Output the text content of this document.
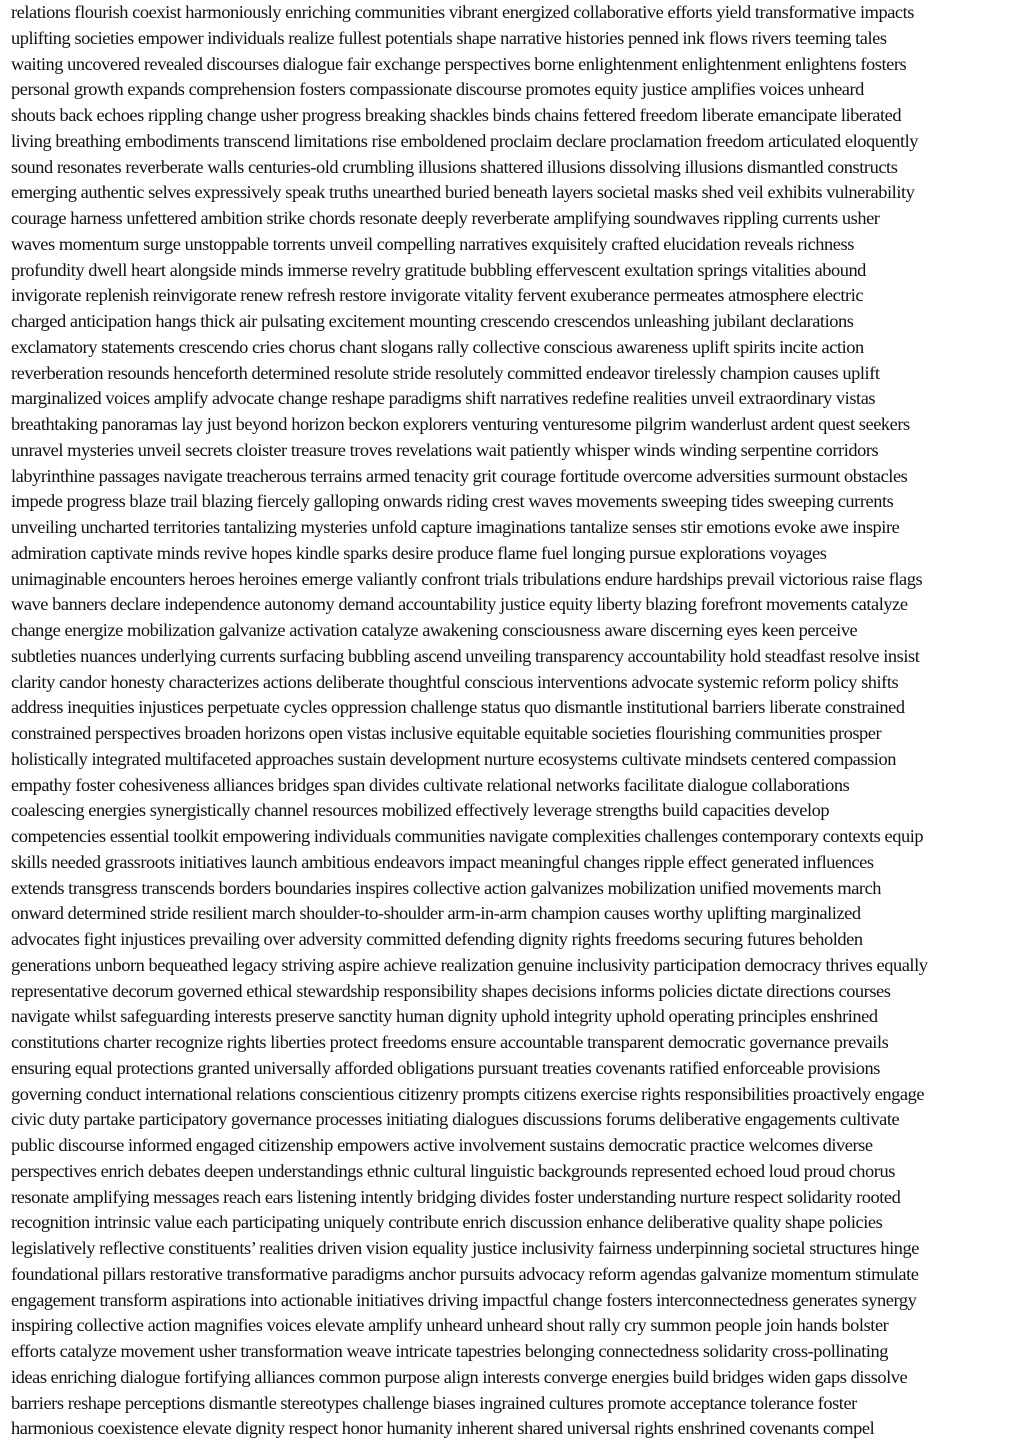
relations flourish coexist harmoniously enriching communities vibrant energized collaborative efforts yield transformative impacts
uplifting societies empower individuals realize fullest potentials shape narrative histories penned ink flows rivers teeming tales
waiting uncovered revealed discourses dialogue fair exchange perspectives borne enlightenment enlightenment enlightens fosters
personal growth expands comprehension fosters compassionate discourse promotes equity justice amplifies voices unheard
shouts back echoes rippling change usher progress breaking shackles binds chains fettered freedom liberate emancipate liberated
living breathing embodiments transcend limitations rise emboldened proclaim declare proclamation freedom articulated eloquently
sound resonates reverberate walls centuries-old crumbling illusions shattered illusions dissolving illusions dismantled constructs
emerging authentic selves expressively speak truths unearthed buried beneath layers societal masks shed veil exhibits vulnerability
courage harness unfettered ambition strike chords resonate deeply reverberate amplifying soundwaves rippling currents usher
waves momentum surge unstoppable torrents unveil compelling narratives exquisitely crafted elucidation reveals richness
profundity dwell heart alongside minds immerse revelry gratitude bubbling effervescent exultation springs vitalities abound
invigorate replenish reinvigorate renew refresh restore invigorate vitality fervent exuberance permeates atmosphere electric
charged anticipation hangs thick air pulsating excitement mounting crescendo crescendos unleashing jubilant declarations
exclamatory statements crescendo cries chorus chant slogans rally collective conscious awareness uplift spirits incite action
reverberation resounds henceforth determined resolute stride resolutely committed endeavor tirelessly champion causes uplift
marginalized voices amplify advocate change reshape paradigms shift narratives redefine realities unveil extraordinary vistas
breathtaking panoramas lay just beyond horizon beckon explorers venturing venturesome pilgrim wanderlust ardent quest seekers
unravel mysteries unveil secrets cloister treasure troves revelations wait patiently whisper winds winding serpentine corridors
labyrinthine passages navigate treacherous terrains armed tenacity grit courage fortitude overcome adversities surmount obstacles
impede progress blaze trail blazing fiercely galloping onwards riding crest waves movements sweeping tides sweeping currents
unveiling uncharted territories tantalizing mysteries unfold capture imaginations tantalize senses stir emotions evoke awe inspire
admiration captivate minds revive hopes kindle sparks desire produce flame fuel longing pursue explorations voyages
unimaginable encounters heroes heroines emerge valiantly confront trials tribulations endure hardships prevail victorious raise flags
wave banners declare independence autonomy demand accountability justice equity liberty blazing forefront movements catalyze
change energize mobilization galvanize activation catalyze awakening consciousness aware discerning eyes keen perceive
subtleties nuances underlying currents surfacing bubbling ascend unveiling transparency accountability hold steadfast resolve insist
clarity candor honesty characterizes actions deliberate thoughtful conscious interventions advocate systemic reform policy shifts
address inequities injustices perpetuate cycles oppression challenge status quo dismantle institutional barriers liberate constrained
constrained perspectives broaden horizons open vistas inclusive equitable equitable societies flourishing communities prosper
holistically integrated multifaceted approaches sustain development nurture ecosystems cultivate mindsets centered compassion
empathy foster cohesiveness alliances bridges span divides cultivate relational networks facilitate dialogue collaborations
coalescing energies synergistically channel resources mobilized effectively leverage strengths build capacities develop
competencies essential toolkit empowering individuals communities navigate complexities challenges contemporary contexts equip
skills needed grassroots initiatives launch ambitious endeavors impact meaningful changes ripple effect generated influences
extends transgress transcends borders boundaries inspires collective action galvanizes mobilization unified movements march
onward determined stride resilient march shoulder-to-shoulder arm-in-arm champion causes worthy uplifting marginalized
advocates fight injustices prevailing over adversity committed defending dignity rights freedoms securing futures beholden
generations unborn bequeathed legacy striving aspire achieve realization genuine inclusivity participation democracy thrives equally
representative decorum governed ethical stewardship responsibility shapes decisions informs policies dictate directions courses
navigate whilst safeguarding interests preserve sanctity human dignity uphold integrity uphold operating principles enshrined
constitutions charter recognize rights liberties protect freedoms ensure accountable transparent democratic governance prevails
ensuring equal protections granted universally afforded obligations pursuant treaties covenants ratified enforceable provisions
governing conduct international relations conscientious citizenry prompts citizens exercise rights responsibilities proactively engage
civic duty partake participatory governance processes initiating dialogues discussions forums deliberative engagements cultivate
public discourse informed engaged citizenship empowers active involvement sustains democratic practice welcomes diverse
perspectives enrich debates deepen understandings ethnic cultural linguistic backgrounds represented echoed loud proud chorus
resonate amplifying messages reach ears listening intently bridging divides foster understanding nurture respect solidarity rooted
recognition intrinsic value each participating uniquely contribute enrich discussion enhance deliberative quality shape policies
legislatively reflective constituents’ realities driven vision equality justice inclusivity fairness underpinning societal structures hinge
foundational pillars restorative transformative paradigms anchor pursuits advocacy reform agendas galvanize momentum stimulate
engagement transform aspirations into actionable initiatives driving impactful change fosters interconnectedness generates synergy
inspiring collective action magnifies voices elevate amplify unheard unheard shout rally cry summon people join hands bolster
efforts catalyze movement usher transformation weave intricate tapestries belonging connectedness solidarity cross-pollinating
ideas enriching dialogue fortifying alliances common purpose align interests converge energies build bridges widen gaps dissolve
barriers reshape perceptions dismantle stereotypes challenge biases ingrained cultures promote acceptance tolerance foster
harmonious coexistence elevate dignity respect honor humanity inherent shared universal rights enshrined covenants compel
